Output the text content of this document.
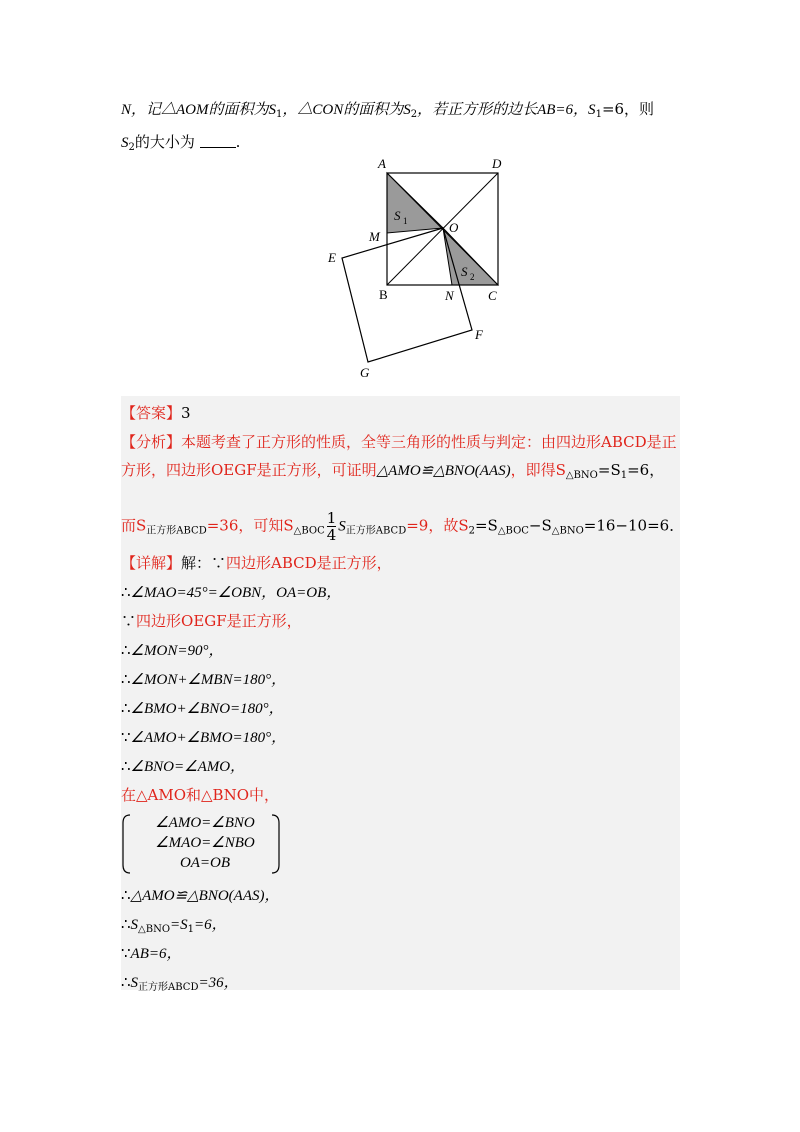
N，记△AOM的面积为$S_1$，△CON的面积为$S_2$，若正方形的边长AB=6，$S_1=6$，则
$S_2$的大小为	.
A	D
M
O
E
B	N	C
F
G
S 1
S 2
【答案】3
【分析】本题考查了正方形的性质，全等三角形的性质与判定：由四边形ABCD是正
方形，四边形OEGF是正方形，可证明△AMO≌△BNO(AAS)，即得$S_{\triangle BNO}=S_1=6$，
而$S_{正方形ABCD}=36$，可知$S_{\triangle BOC} \frac{1}{4} S_{正方形ABCD}=9$，故$S_2=S_{\triangle BOC}-S_{\triangle BNO}=16-10=6$．
【详解】解：∵四边形ABCD是正方形，
∴∠MAO=45°=∠OBN，OA=OB，
∵四边形OEGF是正方形，
∴∠MON=90°，
∴∠MON+∠MBN=180°，
∴∠BMO+∠BNO=180°，
∵∠AMO+∠BMO=180°，
∴∠BNO=∠AMO，
在△AMO和△BNO中，
∠AMO=∠BNO
∠MAO=∠NBO
OA=OB
∴△AMO≌△BNO(AAS)，
$\therefore S_{\triangle BNO}=S_1=6$，
∵AB=6，
$\therefore S_{正方形ABCD}=36$，
